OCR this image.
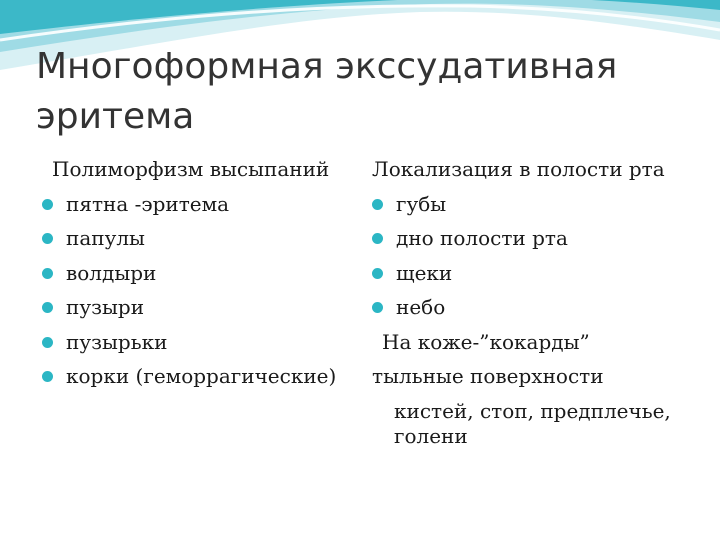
Многоформная экссудативная эритема
Полиморфизм высыпаний
пятна -эритема
папулы
волдыри
пузыри
пузырьки
корки (геморрагические)
Локализация в полости рта
губы
дно полости рта
щеки
небо
На коже-”кокарды”
тыльные поверхности
кистей, стоп, предплечье, голени
